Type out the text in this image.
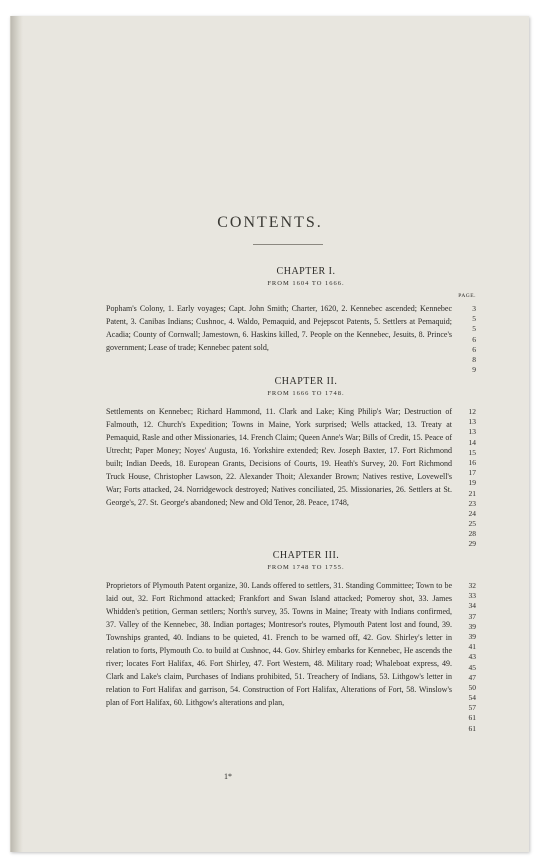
CONTENTS.
CHAPTER I.
FROM 1604 TO 1666.
PAGE.

Popham's Colony, 1. Early voyages; Capt. John Smith; Charter, 1620, 2. Kennebec ascended; Kennebec Patent, 3. Canibas Indians; Cushnoc, 4. Waldo, Pemaquid, and Pejepscot Patents, 5. Settlers at Pemaquid; Acadia; County of Cornwall; Jamestown, 6. Haskins killed, 7. People on the Kennebec, Jesuits, 8. Prince's government; Lease of trade; Kennebec patent sold,

3
5
5
6
6
8
9
CHAPTER II.
FROM 1666 TO 1748.

Settlements on Kennebec; Richard Hammond, 11. Clark and Lake; King Philip's War; Destruction of Falmouth, 12. Church's Expedition; Towns in Maine, York surprised; Wells attacked, 13. Treaty at Pemaquid, Rasle and other Missionaries, 14. French Claim; Queen Anne's War; Bills of Credit, 15. Peace of Utrecht; Paper Money; Noyes' Augusta, 16. Yorkshire extended; Rev. Joseph Baxter, 17. Fort Richmond built; Indian Deeds, 18. European Grants, Decisions of Courts, 19. Heath's Survey, 20. Fort Richmond Truck House, Christopher Lawson, 22. Alexander Thoit; Alexander Brown; Natives restive, Lovewell's War; Forts attacked, 24. Norridgewock destroyed; Natives conciliated, 25. Missionaries, 26. Settlers at St. George's, 27. St. George's abandoned; New and Old Tenor, 28. Peace, 1748,

12
13
13
14
15
16
17
19
21
23
24
25
28
29
CHAPTER III.
FROM 1748 TO 1755.

Proprietors of Plymouth Patent organize, 30. Lands offered to settlers, 31. Standing Committee; Town to be laid out, 32. Fort Richmond attacked; Frankfort and Swan Island attacked; Pomeroy shot, 33. James Whidden's petition, German settlers; North's survey, 35. Towns in Maine; Treaty with Indians confirmed, 37. Valley of the Kennebec, 38. Indian portages; Montresor's routes, Plymouth Patent lost and found, 39. Townships granted, 40. Indians to be quieted, 41. French to be warned off, 42. Gov. Shirley's letter in relation to forts, Plymouth Co. to build at Cushnoc, 44. Gov. Shirley embarks for Kennebec, He ascends the river; locates Fort Halifax, 46. Fort Shirley, 47. Fort Western, 48. Military road; Whaleboat express, 49. Clark and Lake's claim, Purchases of Indians prohibited, 51. Treachery of Indians, 53. Lithgow's letter in relation to Fort Halifax and garrison, 54. Construction of Fort Halifax, Alterations of Fort, 58. Winslow's plan of Fort Halifax, 60. Lithgow's alterations and plan,

32
33
34
37
39
39
41
43
45
47
50
54
57
61
61
1*
